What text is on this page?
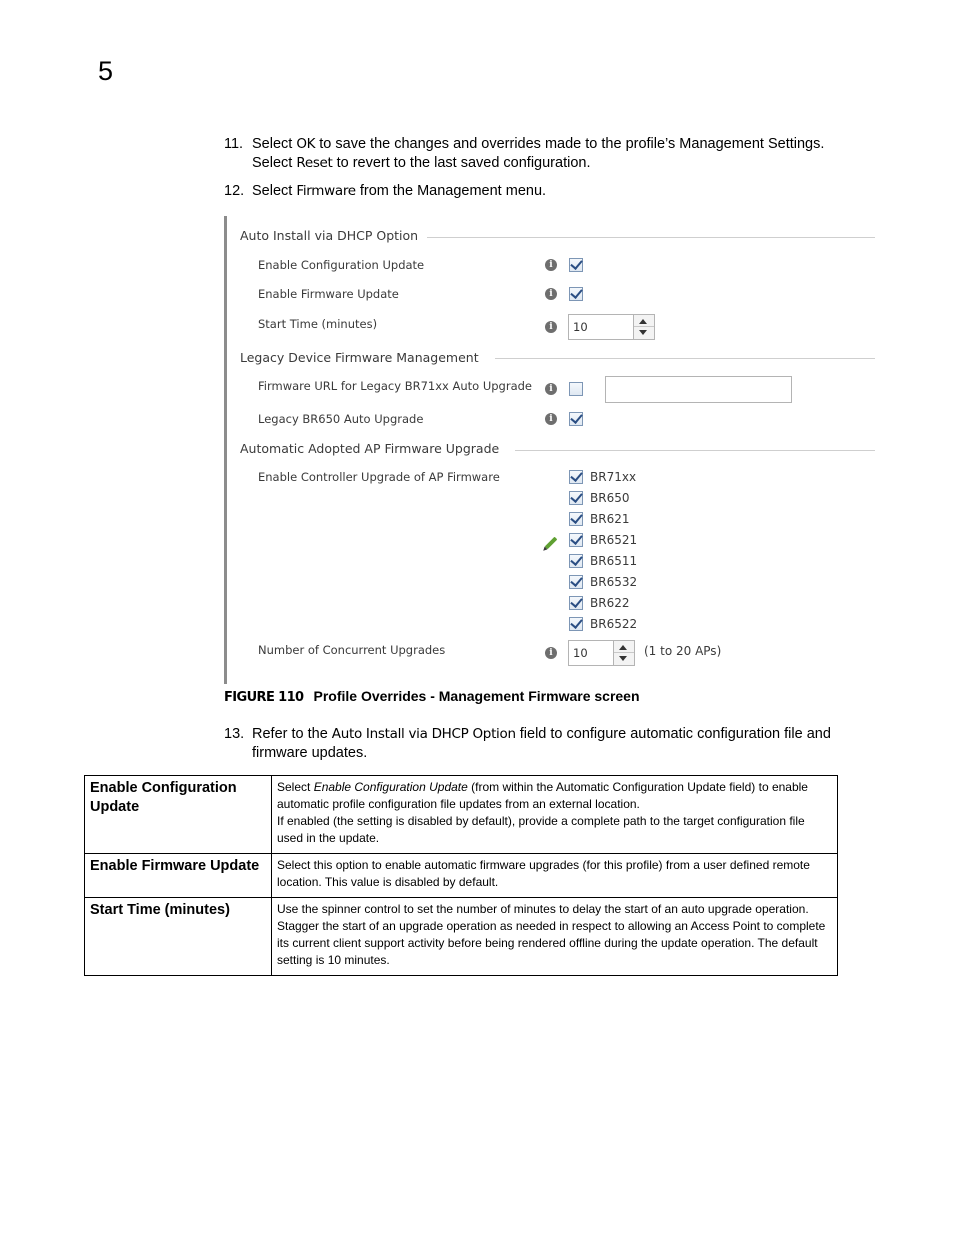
5
11. Select OK to save the changes and overrides made to the profile’s Management Settings.
Select Reset to revert to the last saved configuration.
12. Select Firmware from the Management menu.
Auto Install via DHCP Option
Enable Configuration Update	i
Enable Firmware Update	i
Start Time (minutes)	i	10
Legacy Device Firmware Management
Firmware URL for Legacy BR71xx Auto Upgrade	i
Legacy BR650 Auto Upgrade	i
Automatic Adopted AP Firmware Upgrade
Enable Controller Upgrade of AP Firmware	BR71xx
BR650
BR621
BR6521
BR6511
BR6532
BR622
BR6522
Number of Concurrent Upgrades	i	10	(1 to 20 APs)
FIGURE 110 Profile Overrides - Management Firmware screen
13. Refer to the Auto Install via DHCP Option field to configure automatic configuration file and
firmware updates.
Enable Configuration Update	Select Enable Configuration Update (from within the Automatic Configuration Update field) to enable automatic profile configuration file updates from an external location.

If enabled (the setting is disabled by default), provide a complete path to the target configuration file used in the update.

Enable Firmware Update	Select this option to enable automatic firmware upgrades (for this profile) from a user defined remote location. This value is disabled by default.

Start Time (minutes)	Use the spinner control to set the number of minutes to delay the start of an auto upgrade operation. Stagger the start of an upgrade operation as needed in respect to allowing an Access Point to complete its current client support activity before being rendered offline during the update operation. The default setting is 10 minutes.
